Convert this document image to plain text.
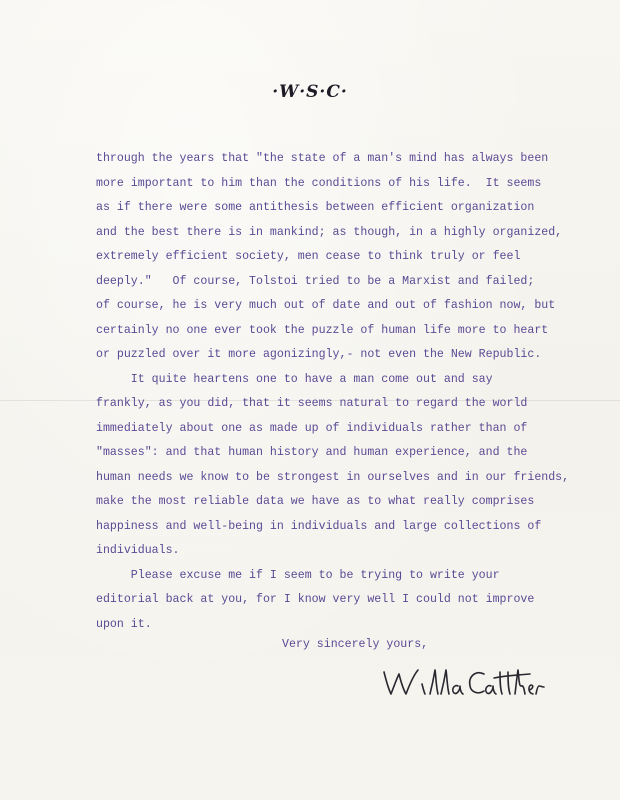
·W·S·C·
through the years that "the state of a man's mind has always been
more important to him than the conditions of his life.  It seems
as if there were some antithesis between efficient organization
and the best there is in mankind; as though, in a highly organized,
extremely efficient society, men cease to think truly or feel
deeply."   Of course, Tolstoi tried to be a Marxist and failed;
of course, he is very much out of date and out of fashion now, but
certainly no one ever took the puzzle of human life more to heart
or puzzled over it more agonizingly,- not even the New Republic.
It quite heartens one to have a man come out and say
frankly, as you did, that it seems natural to regard the world
immediately about one as made up of individuals rather than of
"masses": and that human history and human experience, and the
human needs we know to be strongest in ourselves and in our friends,
make the most reliable data we have as to what really comprises
happiness and well-being in individuals and large collections of
individuals.
Please excuse me if I seem to be trying to write your
editorial back at you, for I know very well I could not improve
upon it.
Very sincerely yours,
